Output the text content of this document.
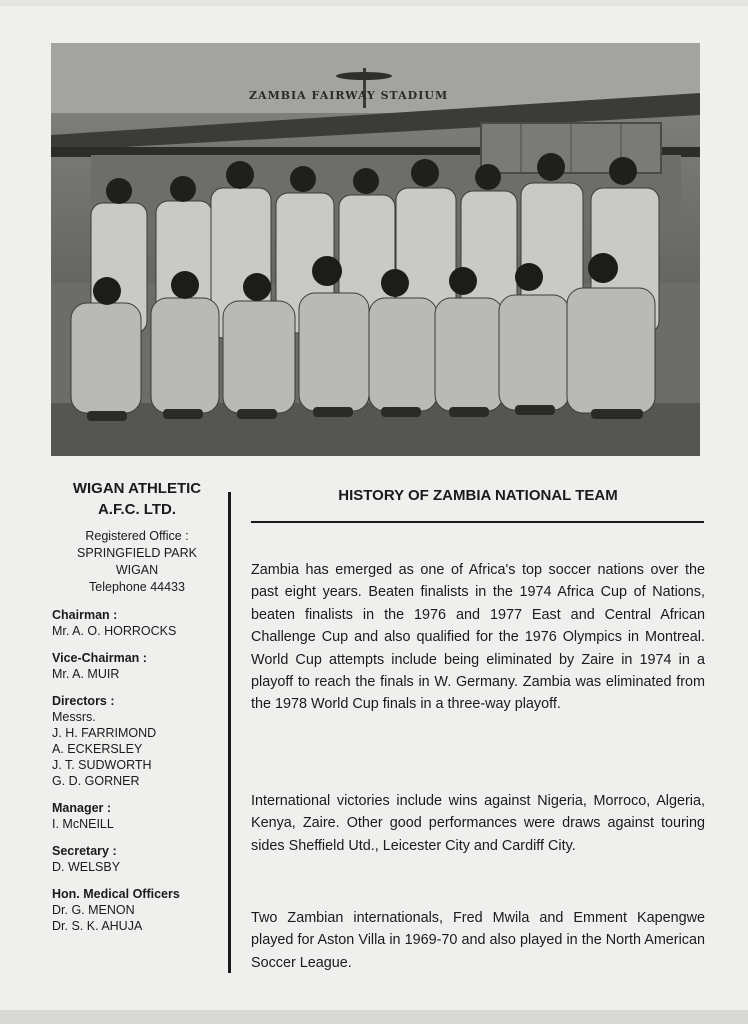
ZAMBIA FAIRWAY STADIUM
WIGAN ATHLETIC
A.F.C. LTD.
Registered Office :
SPRINGFIELD PARK
WIGAN
Telephone 44433
Chairman :
Mr. A. O. HORROCKS
Vice-Chairman :
Mr. A. MUIR
Directors :
Messrs.
J. H. FARRIMOND
A. ECKERSLEY
J. T. SUDWORTH
G. D. GORNER
Manager :
I. McNEILL
Secretary :
D. WELSBY
Hon. Medical Officers
Dr. G. MENON
Dr. S. K. AHUJA
HISTORY OF ZAMBIA NATIONAL TEAM

Zambia has emerged as one of Africa's top soccer nations over the past eight years. Beaten finalists in the 1974 Africa Cup of Nations, beaten finalists in the 1976 and 1977 East and Central African Challenge Cup and also qualified for the 1976 Olympics in Montreal. World Cup attempts include being eliminated by Zaire in 1974 in a playoff to reach the finals in W. Germany. Zambia was eliminated from the 1978 World Cup finals in a three-way playoff.

International victories include wins against Nigeria, Morroco, Algeria, Kenya, Zaire. Other good performances were draws against touring sides Sheffield Utd., Leicester City and Cardiff City.

Two Zambian internationals, Fred Mwila and Emment Kapengwe played for Aston Villa in 1969-70 and also played in the North American Soccer League.
